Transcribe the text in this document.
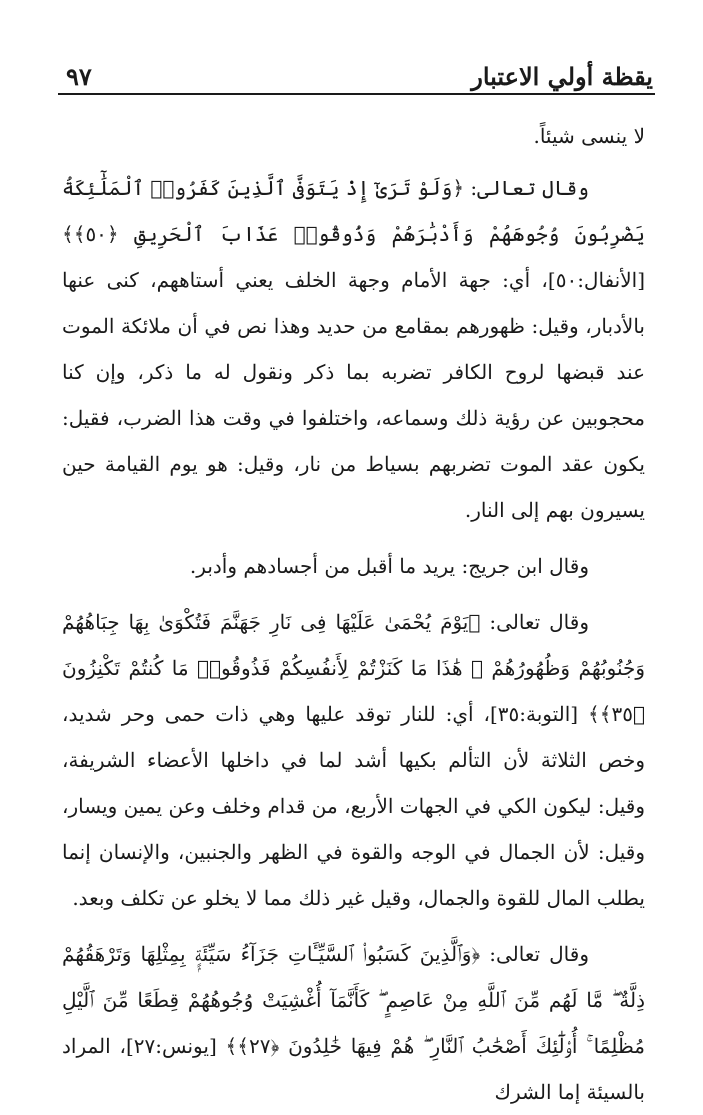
يقظة أولي الاعتبار
٩٧

لا ينسى شيئاً.

وقال تعالى: ﴿وَلَوْ تَرَىٰٓ إِذْ يَتَوَفَّى ٱلَّذِينَ كَفَرُوا۟ ٱلْمَلَٰٓئِكَةُ يَضْرِبُونَ وُجُوهَهُمْ وَأَدْبَٰرَهُمْ وَذُوقُوا۟ عَذَابَ ٱلْحَرِيقِ ﴿٥٠﴾﴾ [الأنفال:٥٠]، أي: جهة الأمام وجهة الخلف يعني أستاههم، كنى عنها بالأدبار، وقيل: ظهورهم بمقامع من حديد وهذا نص في أن ملائكة الموت عند قبضها لروح الكافر تضربه بما ذكر ونقول له ما ذكر، وإن كنا محجوبين عن رؤية ذلك وسماعه، واختلفوا في وقت هذا الضرب، فقيل: يكون عقد الموت تضربهم بسياط من نار، وقيل: هو يوم القيامة حين يسيرون بهم إلى النار.

وقال ابن جريج: يريد ما أقبل من أجسادهم وأدبر.

وقال تعالى: ﴿يَوْمَ يُحْمَىٰ عَلَيْهَا فِى نَارِ جَهَنَّمَ فَتُكْوَىٰ بِهَا جِبَاهُهُمْ وَجُنُوبُهُمْ وَظُهُورُهُمْ ۖ هَٰذَا مَا كَنَزْتُمْ لِأَنفُسِكُمْ فَذُوقُوا۟ مَا كُنتُمْ تَكْنِزُونَ ﴿٣٥﴾﴾ [التوبة:٣٥]، أي: للنار توقد عليها وهي ذات حمى وحر شديد، وخص الثلاثة لأن التألم بكيها أشد لما في داخلها الأعضاء الشريفة، وقيل: ليكون الكي في الجهات الأربع، من قدام وخلف وعن يمين ويسار، وقيل: لأن الجمال في الوجه والقوة في الظهر والجنبين، والإنسان إنما يطلب المال للقوة والجمال، وقيل غير ذلك مما لا يخلو عن تكلف وبعد.

وقال تعالى: ﴿وَٱلَّذِينَ كَسَبُوا۟ ٱلسَّيِّـَٔاتِ جَزَآءُ سَيِّئَةٍۭ بِمِثْلِهَا وَتَرْهَقُهُمْ ذِلَّةٌ ۖ مَّا لَهُم مِّنَ ٱللَّهِ مِنْ عَاصِمٍ ۖ كَأَنَّمَآ أُغْشِيَتْ وُجُوهُهُمْ قِطَعًا مِّنَ ٱلَّيْلِ مُظْلِمًا ۚ أُو۟لَٰٓئِكَ أَصْحَٰبُ ٱلنَّارِ ۖ هُمْ فِيهَا خَٰلِدُونَ ﴿٢٧﴾﴾ [يونس:٢٧]، المراد بالسيئة إما الشرك
